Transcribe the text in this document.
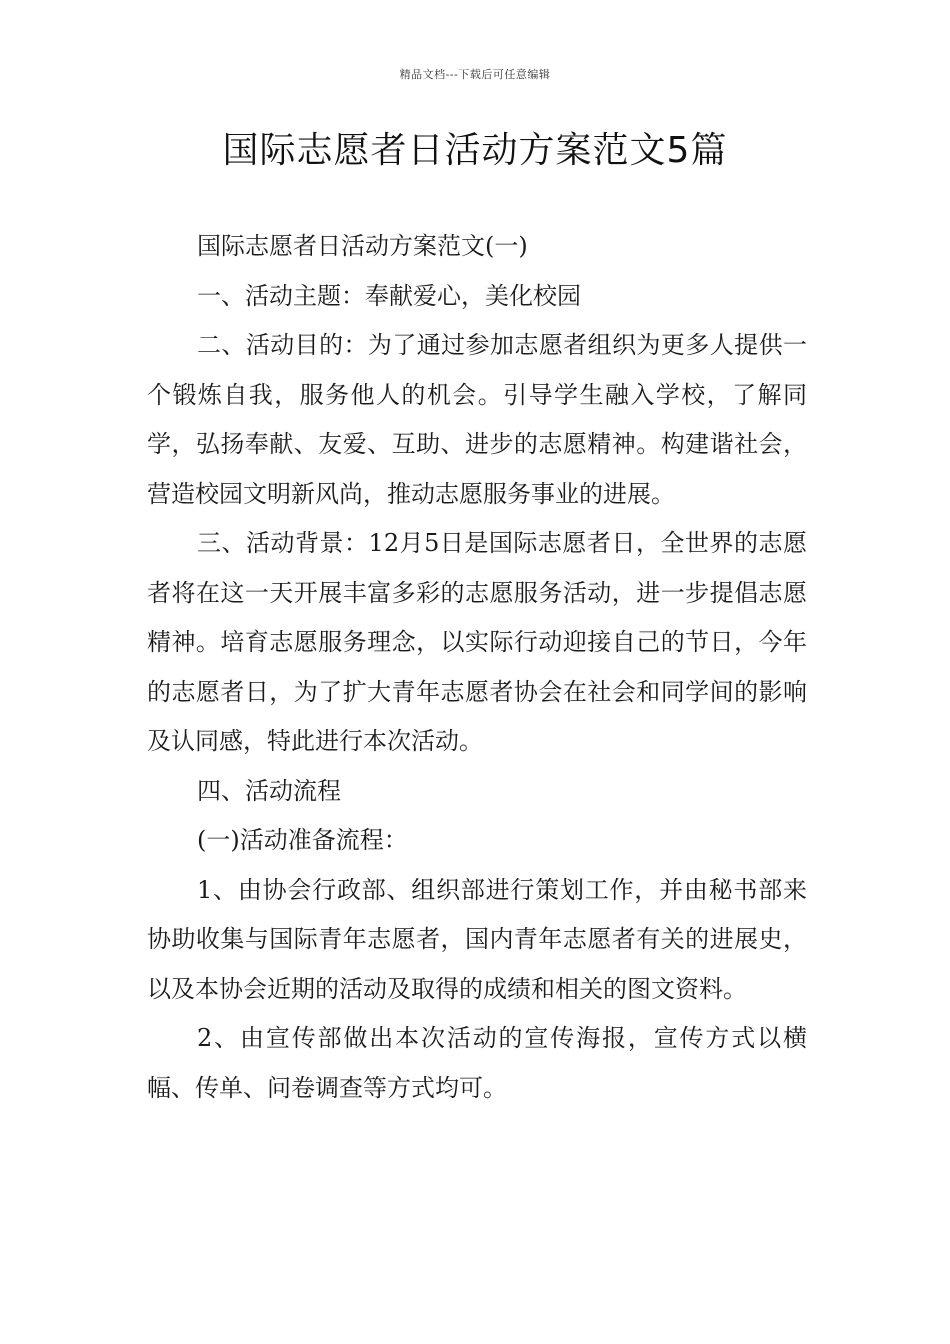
精品文档---下载后可任意编辑
国际志愿者日活动方案范文5篇

国际志愿者日活动方案范文(一)

一、活动主题：奉献爱心，美化校园

二、活动目的：为了通过参加志愿者组织为更多人提供一个锻炼自我，服务他人的机会。引导学生融入学校，了解同学，弘扬奉献、友爱、互助、进步的志愿精神。构建谐社会，营造校园文明新风尚，推动志愿服务事业的进展。

三、活动背景：12月5日是国际志愿者日，全世界的志愿者将在这一天开展丰富多彩的志愿服务活动，进一步提倡志愿精神。培育志愿服务理念，以实际行动迎接自己的节日，今年的志愿者日，为了扩大青年志愿者协会在社会和同学间的影响及认同感，特此进行本次活动。

四、活动流程

(一)活动准备流程：

1、由协会行政部、组织部进行策划工作，并由秘书部来协助收集与国际青年志愿者，国内青年志愿者有关的进展史，以及本协会近期的活动及取得的成绩和相关的图文资料。

2、由宣传部做出本次活动的宣传海报，宣传方式以横幅、传单、问卷调查等方式均可。
